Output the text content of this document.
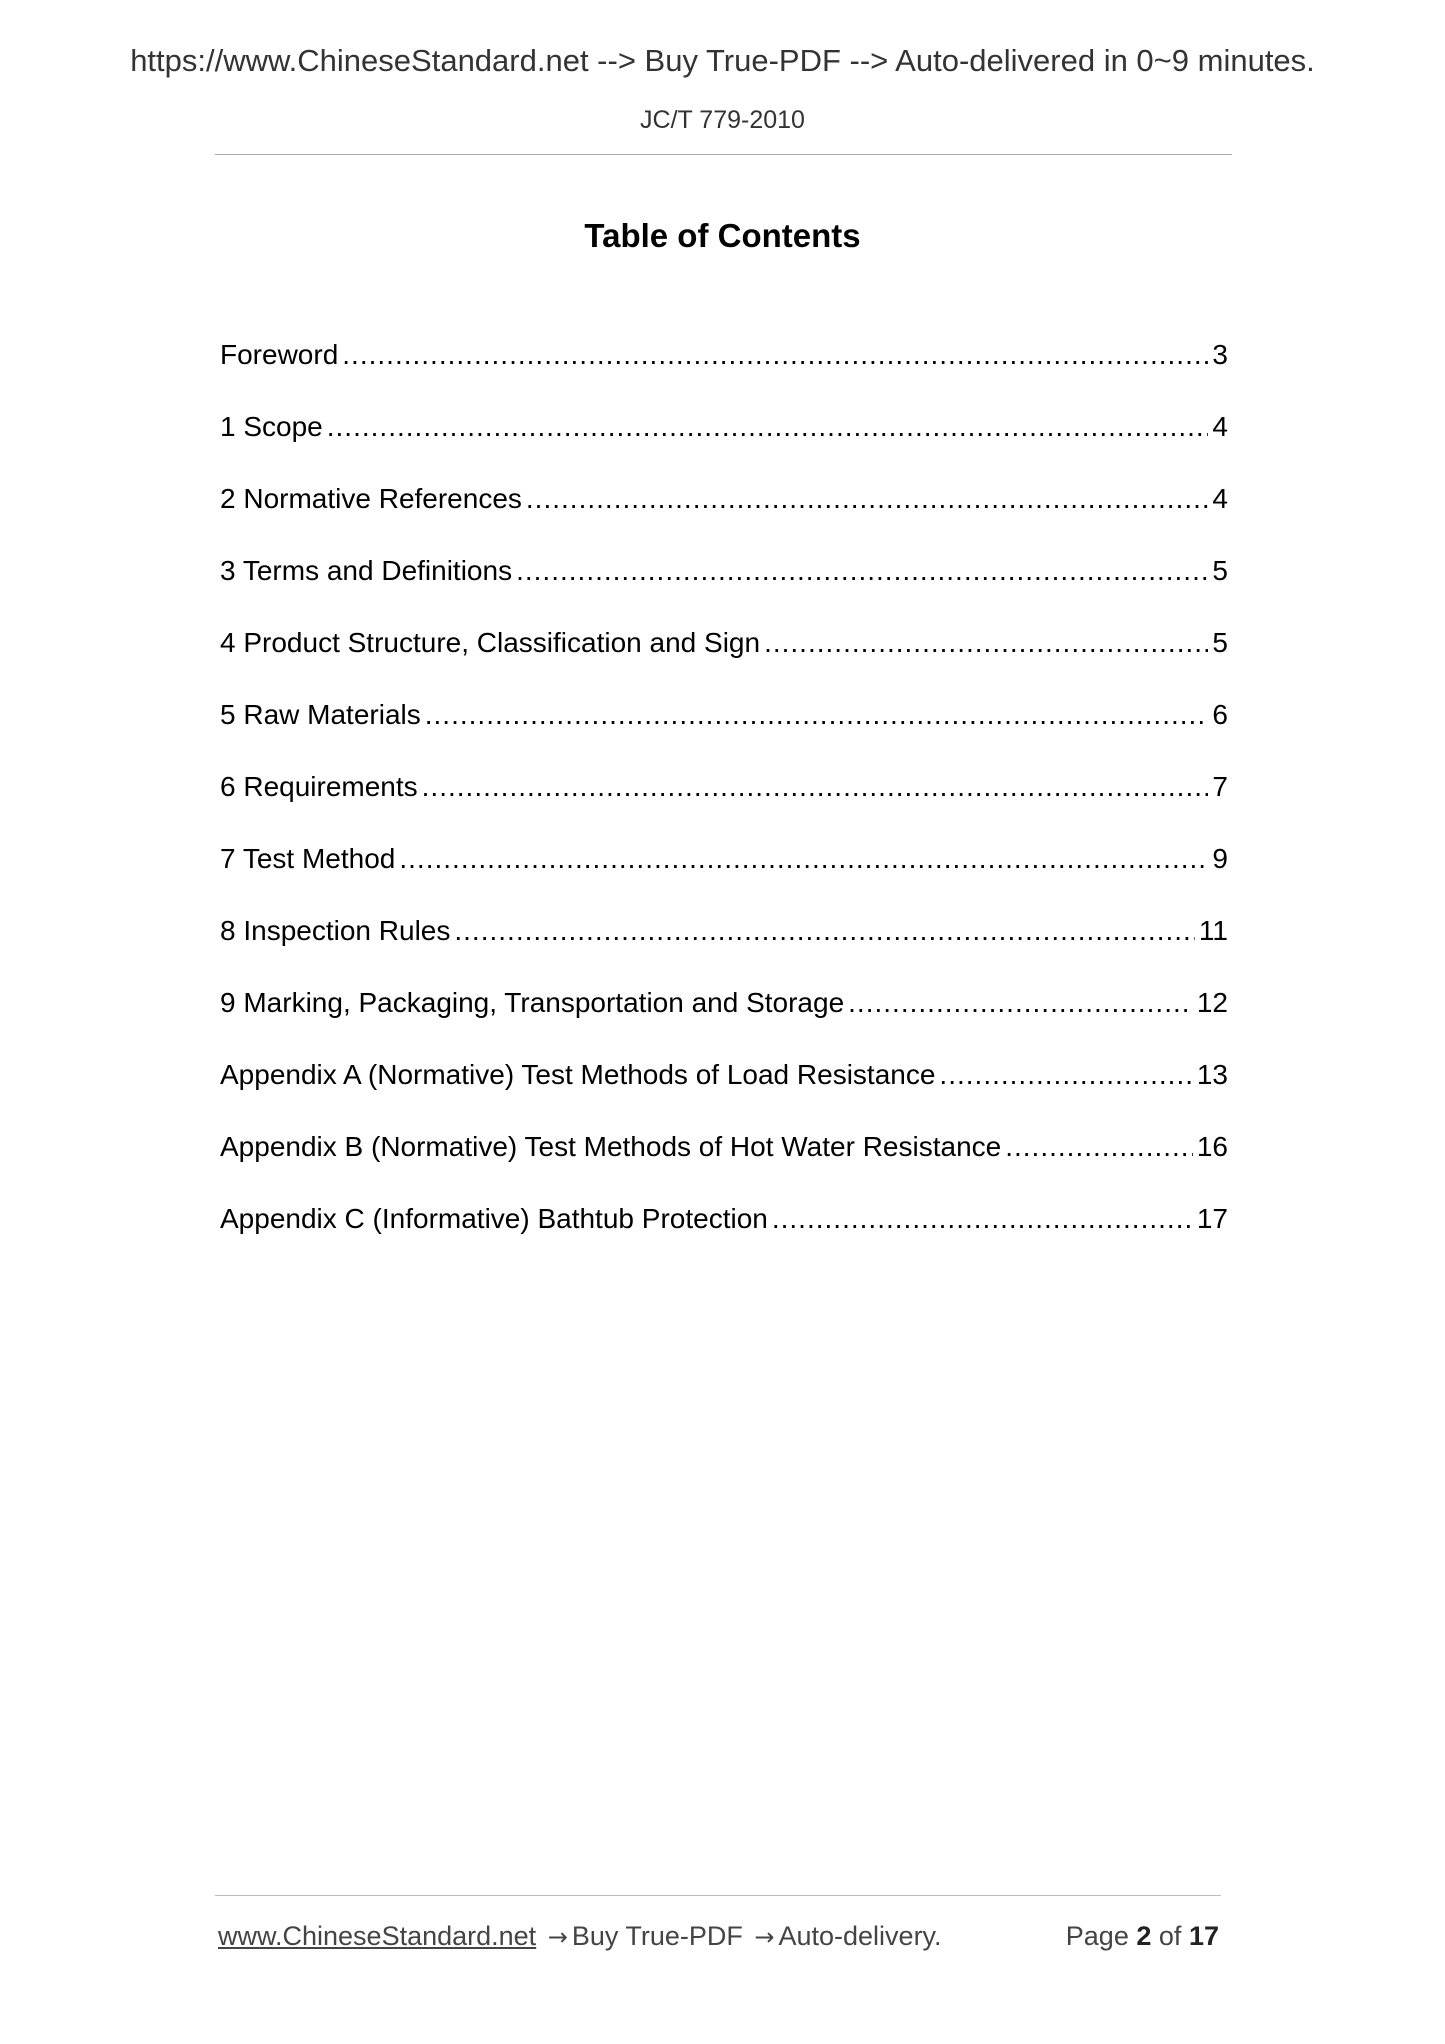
https://www.ChineseStandard.net --> Buy True-PDF --> Auto-delivered in 0~9 minutes.
JC/T 779-2010
Table of Contents
Foreword .....	3
1 Scope .....	4
2 Normative References .....	4
3 Terms and Definitions .....	5
4 Product Structure, Classification and Sign .....	5
5 Raw Materials .....	6
6 Requirements .....	7
7 Test Method .....	9
8 Inspection Rules .....	11
9 Marking, Packaging, Transportation and Storage .....	12
Appendix A (Normative) Test Methods of Load Resistance .....	13
Appendix B (Normative) Test Methods of Hot Water Resistance .....	16
Appendix C (Informative) Bathtub Protection .....	17
www.ChineseStandard.net → Buy True-PDF → Auto-delivery.	Page 2 of 17
